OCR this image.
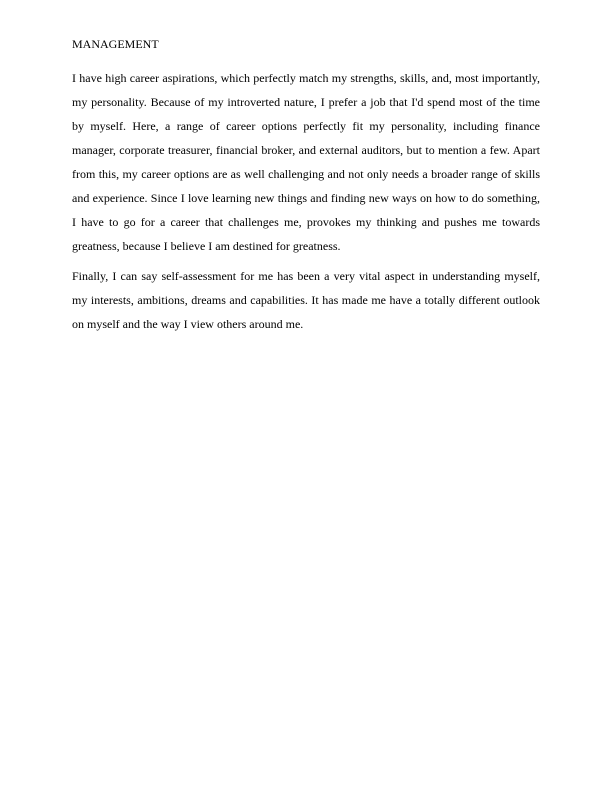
MANAGEMENT

I have high career aspirations, which perfectly match my strengths, skills, and, most importantly, my personality. Because of my introverted nature, I prefer a job that I'd spend most of the time by myself. Here, a range of career options perfectly fit my personality, including finance manager, corporate treasurer, financial broker, and external auditors, but to mention a few. Apart from this, my career options are as well challenging and not only needs a broader range of skills and experience. Since I love learning new things and finding new ways on how to do something, I have to go for a career that challenges me, provokes my thinking and pushes me towards greatness, because I believe I am destined for greatness.

Finally, I can say self-assessment for me has been a very vital aspect in understanding myself, my interests, ambitions, dreams and capabilities. It has made me have a totally different outlook on myself and the way I view others around me.
